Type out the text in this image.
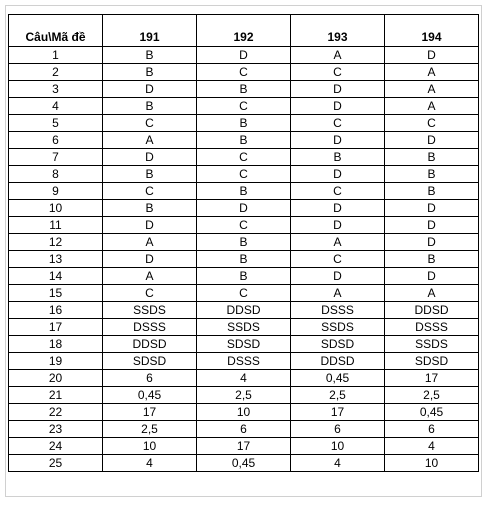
Câu\Mã đề	191	192	193	194
1	B	D	A	D
2	B	C	C	A
3	D	B	D	A
4	B	C	D	A
5	C	B	C	C
6	A	B	D	D
7	D	C	B	B
8	B	C	D	B
9	C	B	C	B
10	B	D	D	D
11	D	C	D	D
12	A	B	A	D
13	D	B	C	B
14	A	B	D	D
15	C	C	A	A
16	SSDS	DDSD	DSSS	DDSD
17	DSSS	SSDS	SSDS	DSSS
18	DDSD	SDSD	SDSD	SSDS
19	SDSD	DSSS	DDSD	SDSD
20	6	4	0,45	17
21	0,45	2,5	2,5	2,5
22	17	10	17	0,45
23	2,5	6	6	6
24	10	17	10	4
25	4	0,45	4	10
